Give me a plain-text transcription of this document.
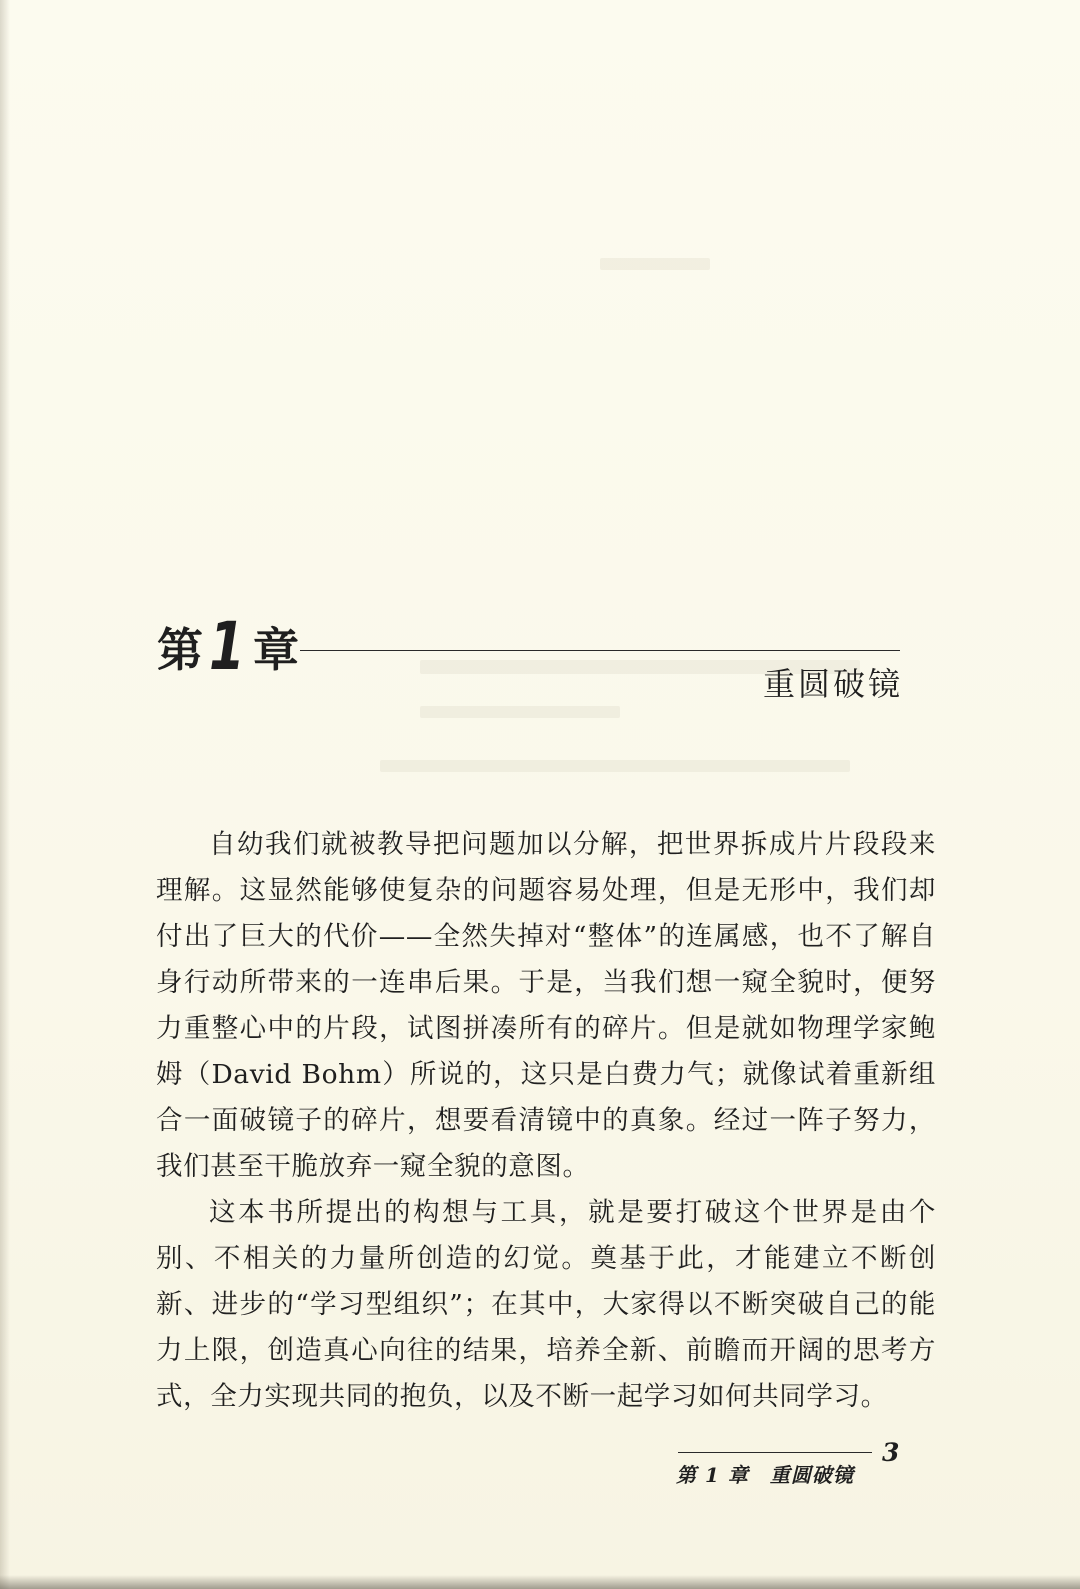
第 1 章
重圆破镜

自幼我们就被教导把问题加以分解，把世界拆成片片段段来理解。这显然能够使复杂的问题容易处理，但是无形中，我们却付出了巨大的代价——全然失掉对“整体”的连属感，也不了解自身行动所带来的一连串后果。于是，当我们想一窥全貌时，便努力重整心中的片段，试图拼凑所有的碎片。但是就如物理学家鲍姆（David Bohm）所说的，这只是白费力气；就像试着重新组合一面破镜子的碎片，想要看清镜中的真象。经过一阵子努力，我们甚至干脆放弃一窥全貌的意图。

这本书所提出的构想与工具，就是要打破这个世界是由个别、不相关的力量所创造的幻觉。奠基于此，才能建立不断创新、进步的“学习型组织”；在其中，大家得以不断突破自己的能力上限，创造真心向往的结果，培养全新、前瞻而开阔的思考方式，全力实现共同的抱负，以及不断一起学习如何共同学习。

第 1 章　重圆破镜
3
